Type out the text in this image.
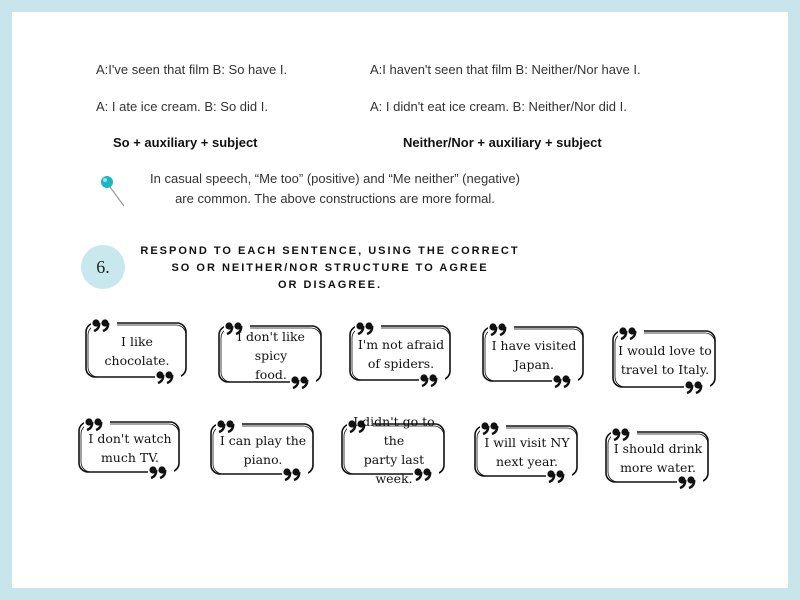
A:I've seen that film B: So have I.	A:I haven't seen that film B: Neither/Nor have I.
A: I ate ice cream. B: So did I.	A: I didn't eat ice cream. B: Neither/Nor did I.
So + auxiliary + subject	Neither/Nor + auxiliary + subject
In casual speech, “Me too” (positive) and “Me neither” (negative)
are common. The above constructions are more formal.
6.
RESPOND TO EACH SENTENCE, USING THE CORRECT
SO OR NEITHER/NOR STRUCTURE TO AGREE
OR DISAGREE.
I like chocolate.
I don't like spicy
food.
I'm not afraid
of spiders.
I have visited
Japan.
I would love to
travel to Italy.
I don't watch
much TV.
I can play the
piano.
I didn't go to the
party last week.
I will visit NY
next year.
I should drink
more water.
